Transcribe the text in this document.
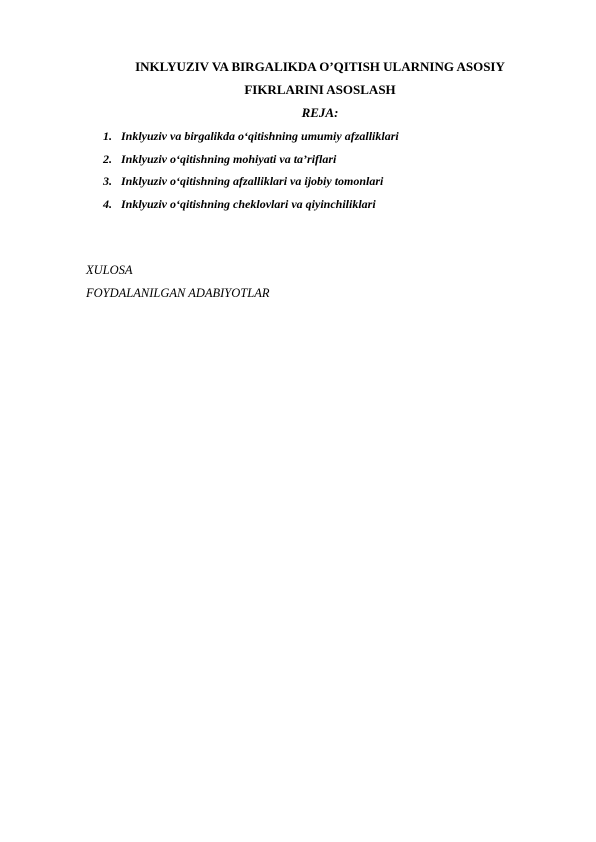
INKLYUZIV VA BIRGALIKDA O’QITISH ULARNING ASOSIY
FIKRLARINI ASOSLASH
REJA:
1. Inklyuziv va birgalikda o‘qitishning umumiy afzalliklari
2. Inklyuziv o‘qitishning mohiyati va ta’riflari
3. Inklyuziv o‘qitishning afzalliklari va ijobiy tomonlari
4. Inklyuziv o‘qitishning cheklovlari va qiyinchiliklari
XULOSA
FOYDALANILGAN ADABIYOTLAR
